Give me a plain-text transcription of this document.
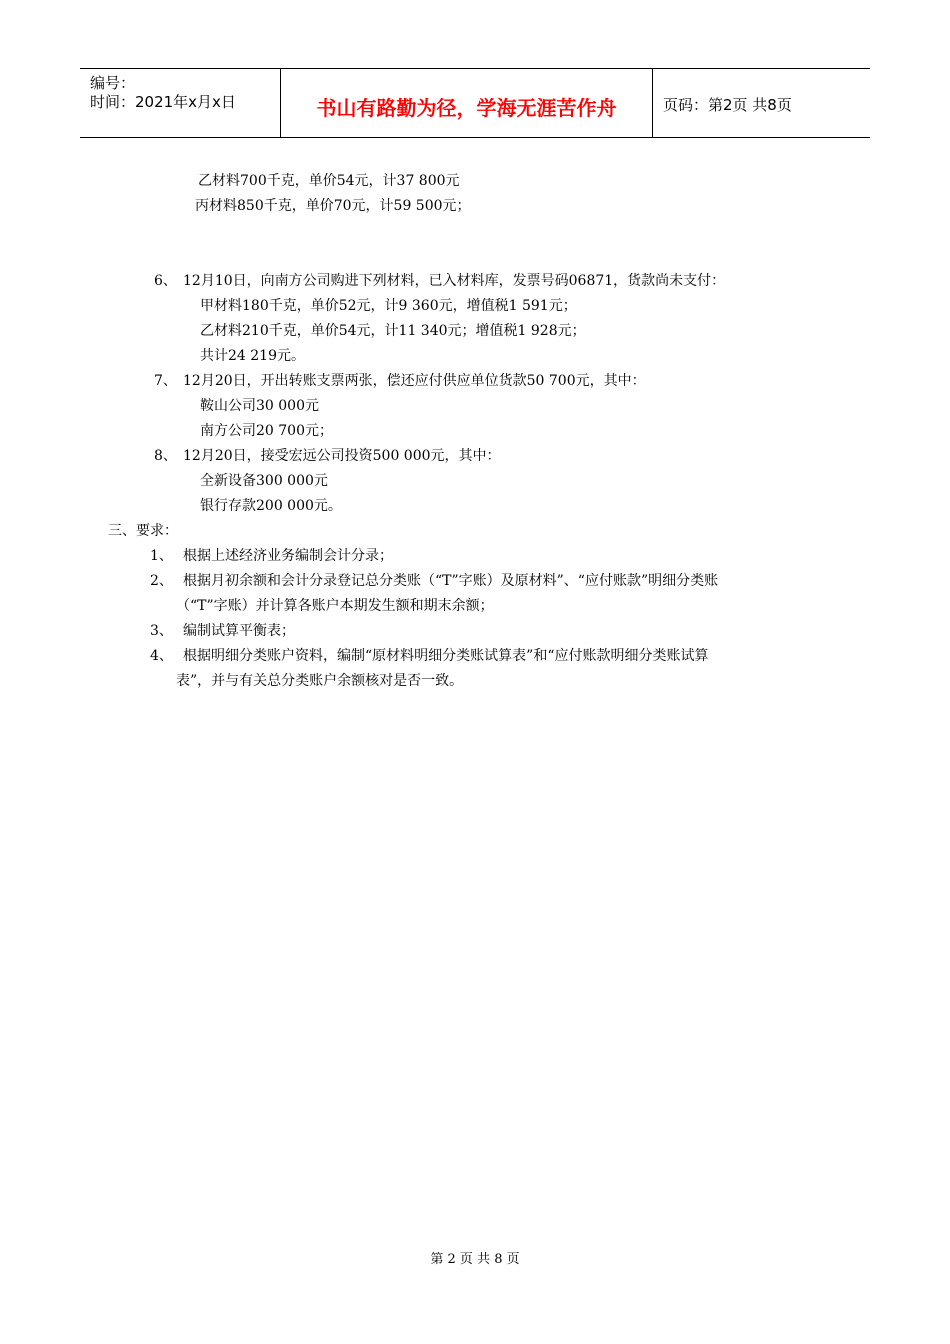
编号：
时间：2021年x月x日	书山有路勤为径，学海无涯苦作舟	页码：第2页 共8页
乙材料700千克，单价54元，计37 800元
丙材料850千克，单价70元，计59 500元；
6、 12月10日，向南方公司购进下列材料，已入材料库，发票号码06871，货款尚未支付：
甲材料180千克，单价52元，计9 360元，增值税1 591元；
乙材料210千克，单价54元，计11 340元；增值税1 928元；
共计24 219元。
7、 12月20日，开出转账支票两张，偿还应付供应单位货款50 700元，其中：
鞍山公司30 000元
南方公司20 700元；
8、 12月20日，接受宏远公司投资500 000元，其中：
全新设备300 000元
银行存款200 000元。
三、要求：
1、 根据上述经济业务编制会计分录；
2、 根据月初余额和会计分录登记总分类账（“T”字账）及原材料”、“应付账款”明细分类账
（“T”字账）并计算各账户本期发生额和期末余额；
3、 编制试算平衡表；
4、 根据明细分类账户资料，编制“原材料明细分类账试算表”和“应付账款明细分类账试算
表”，并与有关总分类账户余额核对是否一致。
第 2 页 共 8 页
